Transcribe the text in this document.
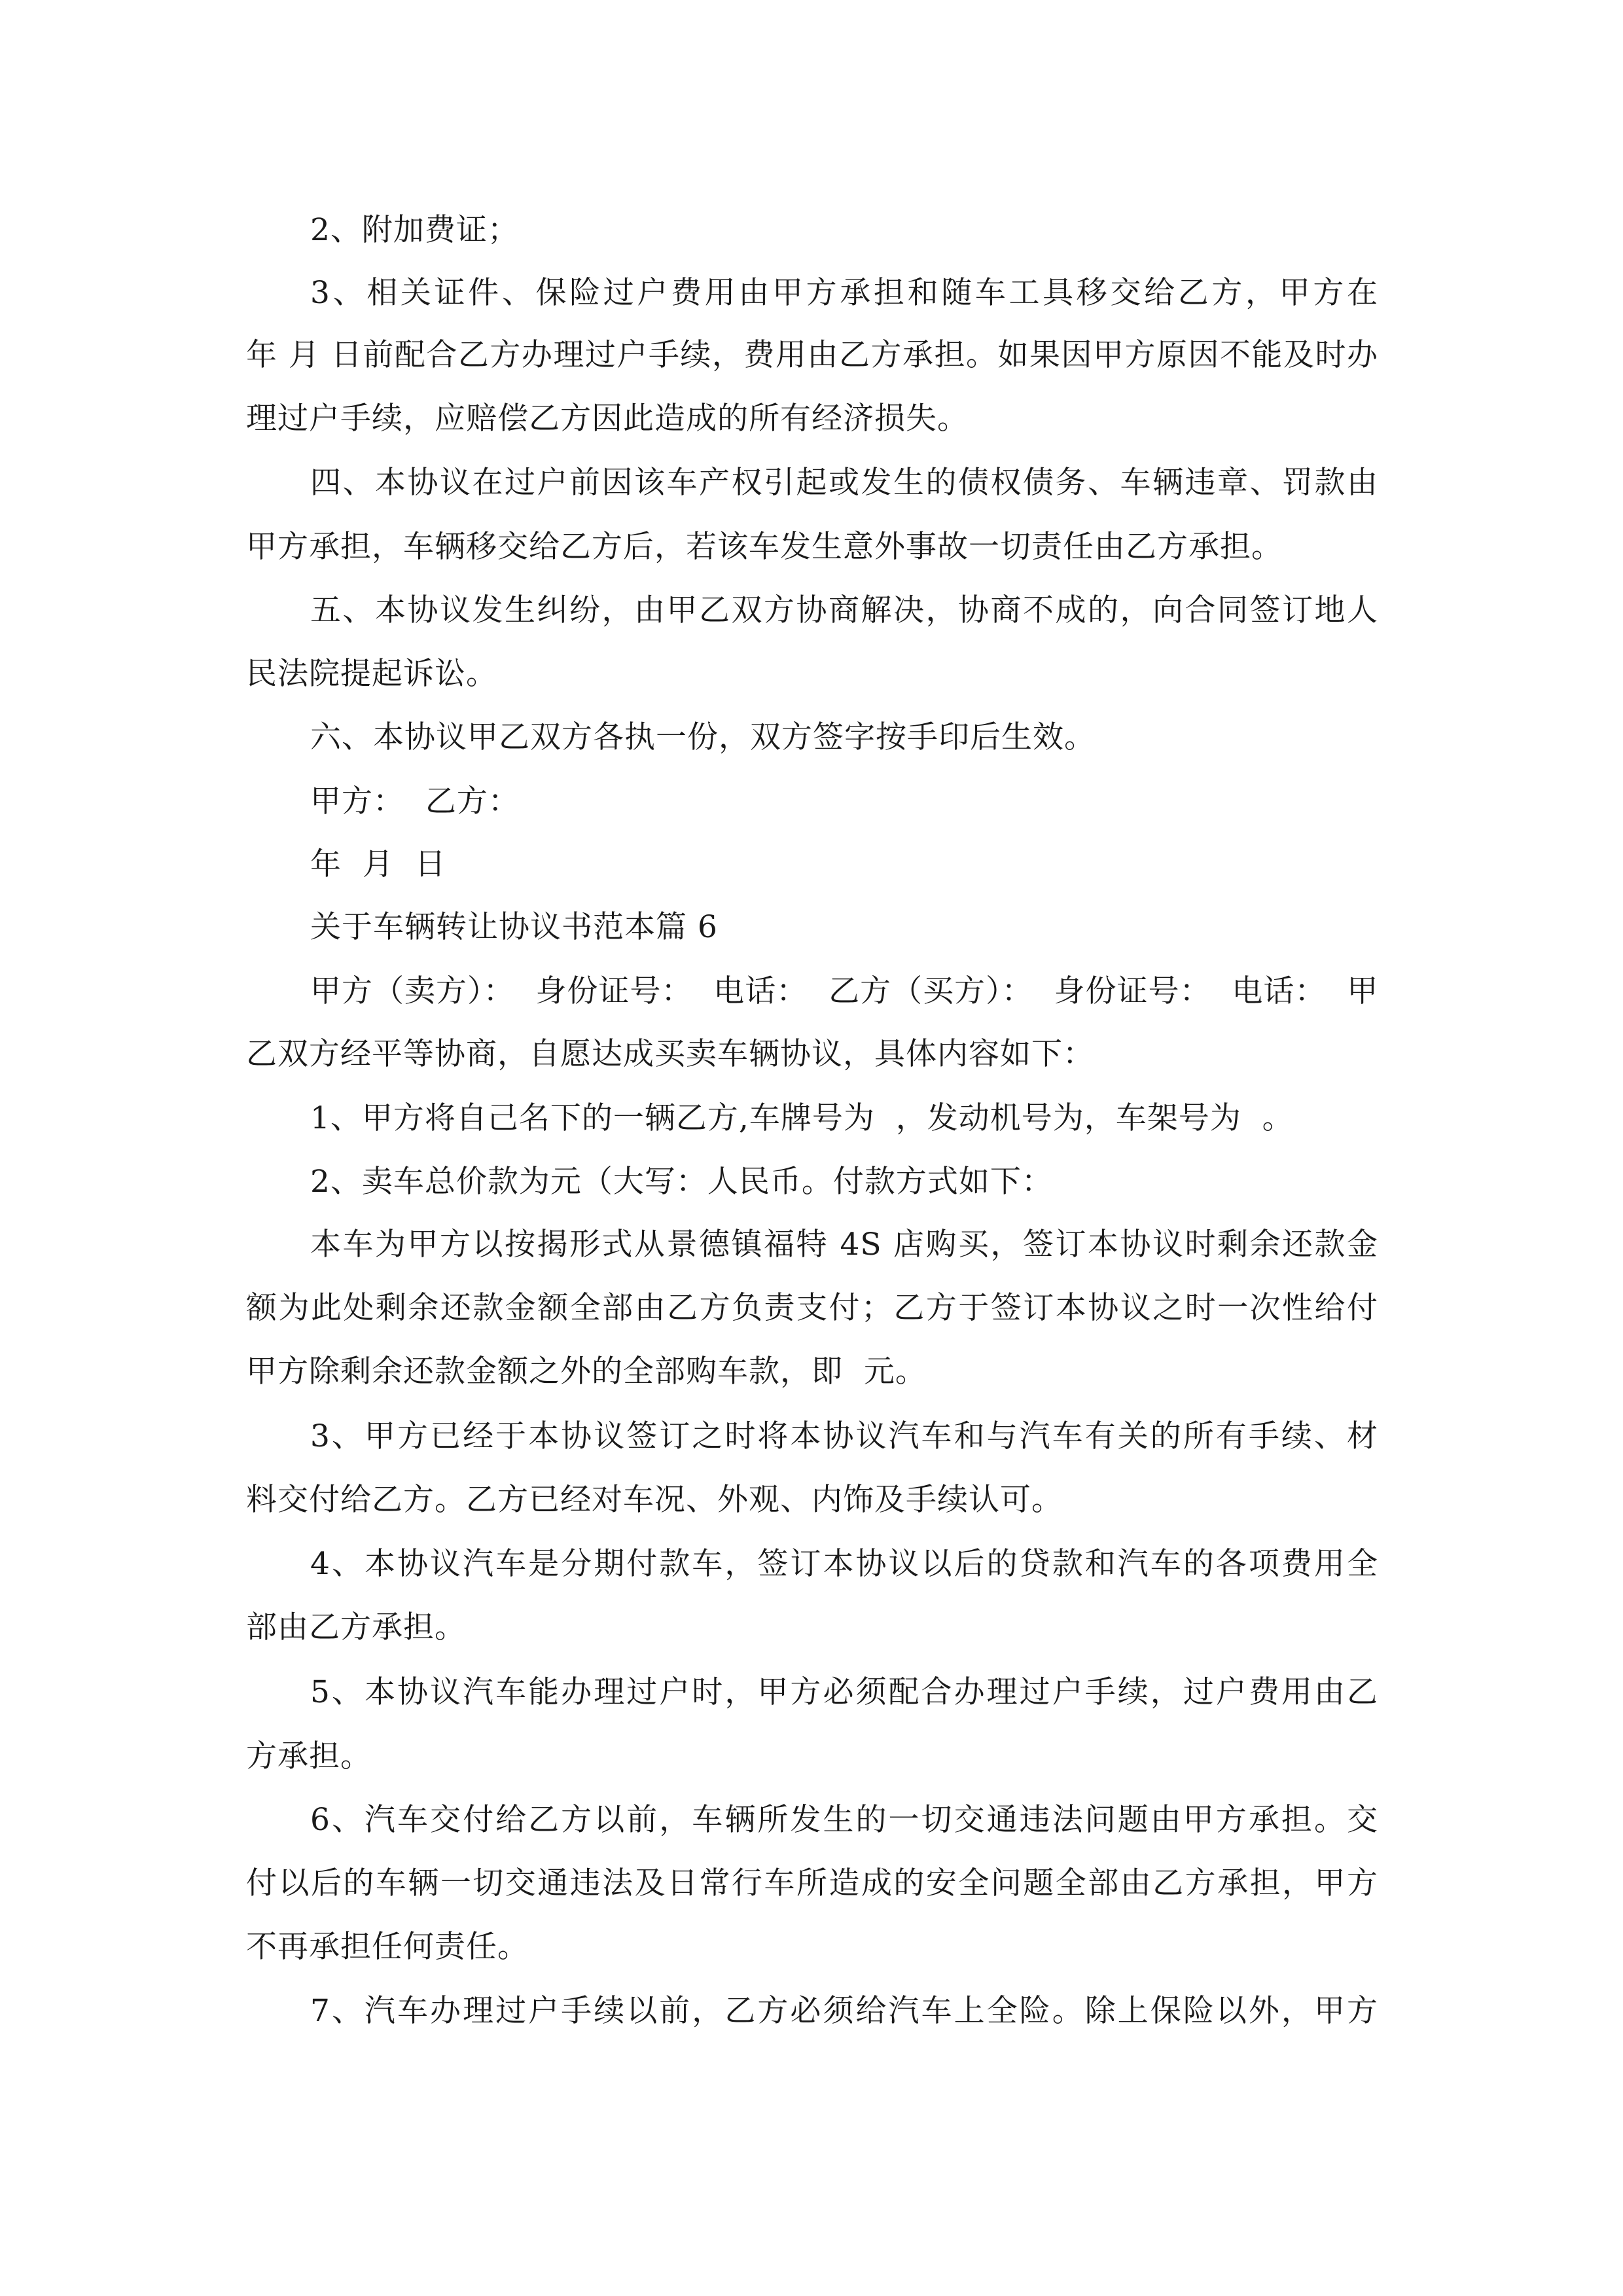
2、附加费证；
3、相关证件、保险过户费用由甲方承担和随车工具移交给乙方，甲方在
年 月 日前配合乙方办理过户手续，费用由乙方承担。如果因甲方原因不能及时办
理过户手续，应赔偿乙方因此造成的所有经济损失。
四、本协议在过户前因该车产权引起或发生的债权债务、车辆违章、罚款由
甲方承担，车辆移交给乙方后，若该车发生意外事故一切责任由乙方承担。
五、本协议发生纠纷，由甲乙双方协商解决，协商不成的，向合同签订地人
民法院提起诉讼。
六、本协议甲乙双方各执一份，双方签字按手印后生效。
甲方：  乙方：
年  月  日
关于车辆转让协议书范本篇 6
甲方（卖方）：  身份证号：  电话：  乙方（买方）：  身份证号：  电话：  甲
乙双方经平等协商，自愿达成买卖车辆协议，具体内容如下：
1、甲方将自己名下的一辆乙方,车牌号为  ，发动机号为，车架号为  。
2、卖车总价款为元（大写：人民币。付款方式如下：
本车为甲方以按揭形式从景德镇福特 4S 店购买，签订本协议时剩余还款金
额为此处剩余还款金额全部由乙方负责支付；乙方于签订本协议之时一次性给付
甲方除剩余还款金额之外的全部购车款，即  元。
3、甲方已经于本协议签订之时将本协议汽车和与汽车有关的所有手续、材
料交付给乙方。乙方已经对车况、外观、内饰及手续认可。
4、本协议汽车是分期付款车，签订本协议以后的贷款和汽车的各项费用全
部由乙方承担。
5、本协议汽车能办理过户时，甲方必须配合办理过户手续，过户费用由乙
方承担。
6、汽车交付给乙方以前，车辆所发生的一切交通违法问题由甲方承担。交
付以后的车辆一切交通违法及日常行车所造成的安全问题全部由乙方承担，甲方
不再承担任何责任。
7、汽车办理过户手续以前，乙方必须给汽车上全险。除上保险以外，甲方
